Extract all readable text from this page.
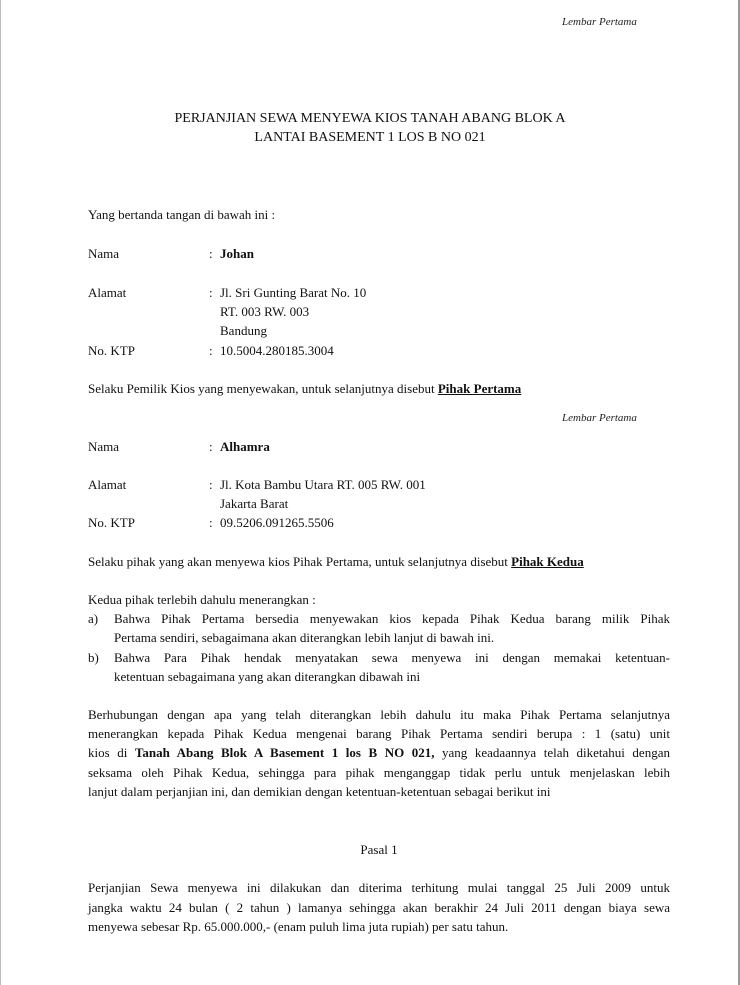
Lembar Pertama
PERJANJIAN SEWA MENYEWA KIOS TANAH ABANG BLOK A
LANTAI BASEMENT 1 LOS B NO 021
Yang bertanda tangan di bawah ini :
Nama	: Johan
Alamat	: Jl. Sri Gunting Barat No. 10
RT. 003 RW. 003
Bandung
No. KTP	: 10.5004.280185.3004
Selaku Pemilik Kios yang menyewakan, untuk selanjutnya disebut Pihak Pertama
Lembar Pertama
Nama	: Alhamra
Alamat	: Jl. Kota Bambu Utara RT. 005 RW. 001
Jakarta Barat
No. KTP	: 09.5206.091265.5506
Selaku pihak yang akan menyewa kios Pihak Pertama, untuk selanjutnya disebut Pihak Kedua
Kedua pihak terlebih dahulu menerangkan :
a) Bahwa Pihak Pertama bersedia menyewakan kios kepada Pihak Kedua barang milik Pihak
Pertama sendiri, sebagaimana akan diterangkan lebih lanjut di bawah ini.
b) Bahwa Para Pihak hendak menyatakan sewa menyewa ini dengan memakai ketentuan-
ketentuan sebagaimana yang akan diterangkan dibawah ini
Berhubungan dengan apa yang telah diterangkan lebih dahulu itu maka Pihak Pertama selanjutnya
menerangkan kepada Pihak Kedua mengenai barang Pihak Pertama sendiri berupa : 1 (satu) unit
kios di Tanah Abang Blok A Basement 1 los B NO 021, yang keadaannya telah diketahui dengan
seksama oleh Pihak Kedua, sehingga para pihak menganggap tidak perlu untuk menjelaskan lebih
lanjut dalam perjanjian ini, dan demikian dengan ketentuan-ketentuan sebagai berikut ini
Pasal 1
Perjanjian Sewa menyewa ini dilakukan dan diterima terhitung mulai tanggal 25 Juli 2009 untuk
jangka waktu 24 bulan ( 2 tahun ) lamanya sehingga akan berakhir 24 Juli 2011 dengan biaya sewa
menyewa sebesar Rp. 65.000.000,- (enam puluh lima juta rupiah) per satu tahun.
